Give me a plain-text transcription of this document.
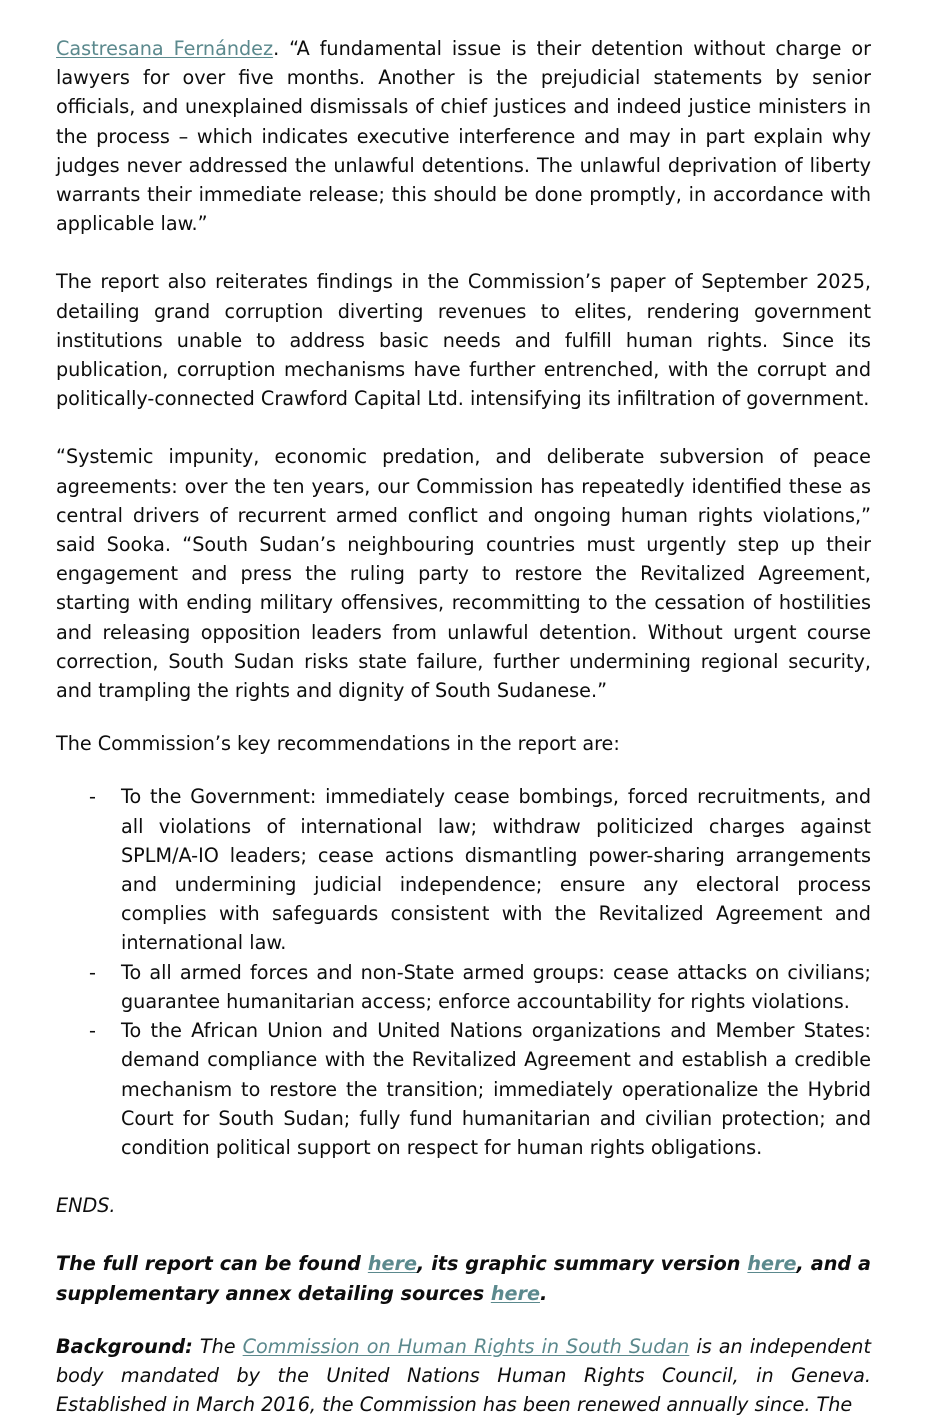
Castresana Fernández. “A fundamental issue is their detention without charge or lawyers for over five months. Another is the prejudicial statements by senior officials, and unexplained dismissals of chief justices and indeed justice ministers in the process – which indicates executive interference and may in part explain why judges never addressed the unlawful detentions. The unlawful deprivation of liberty warrants their immediate release; this should be done promptly, in accordance with applicable law.”

The report also reiterates findings in the Commission’s paper of September 2025, detailing grand corruption diverting revenues to elites, rendering government institutions unable to address basic needs and fulfill human rights. Since its publication, corruption mechanisms have further entrenched, with the corrupt and politically-connected Crawford Capital Ltd. intensifying its infiltration of government.

“Systemic impunity, economic predation, and deliberate subversion of peace agreements: over the ten years, our Commission has repeatedly identified these as central drivers of recurrent armed conflict and ongoing human rights violations,” said Sooka. “South Sudan’s neighbouring countries must urgently step up their engagement and press the ruling party to restore the Revitalized Agreement, starting with ending military offensives, recommitting to the cessation of hostilities and releasing opposition leaders from unlawful detention. Without urgent course correction, South Sudan risks state failure, further undermining regional security, and trampling the rights and dignity of South Sudanese.”

The Commission’s key recommendations in the report are:

- To the Government: immediately cease bombings, forced recruitments, and all violations of international law; withdraw politicized charges against SPLM/A-IO leaders; cease actions dismantling power-sharing arrangements and undermining judicial independence; ensure any electoral process complies with safeguards consistent with the Revitalized Agreement and international law.
- To all armed forces and non-State armed groups: cease attacks on civilians; guarantee humanitarian access; enforce accountability for rights violations.
- To the African Union and United Nations organizations and Member States: demand compliance with the Revitalized Agreement and establish a credible mechanism to restore the transition; immediately operationalize the Hybrid Court for South Sudan; fully fund humanitarian and civilian protection; and condition political support on respect for human rights obligations.

ENDS.

The full report can be found here, its graphic summary version here, and a supplementary annex detailing sources here.

Background: The Commission on Human Rights in South Sudan is an independent body mandated by the United Nations Human Rights Council, in Geneva. Established in March 2016, the Commission has been renewed annually since. The
